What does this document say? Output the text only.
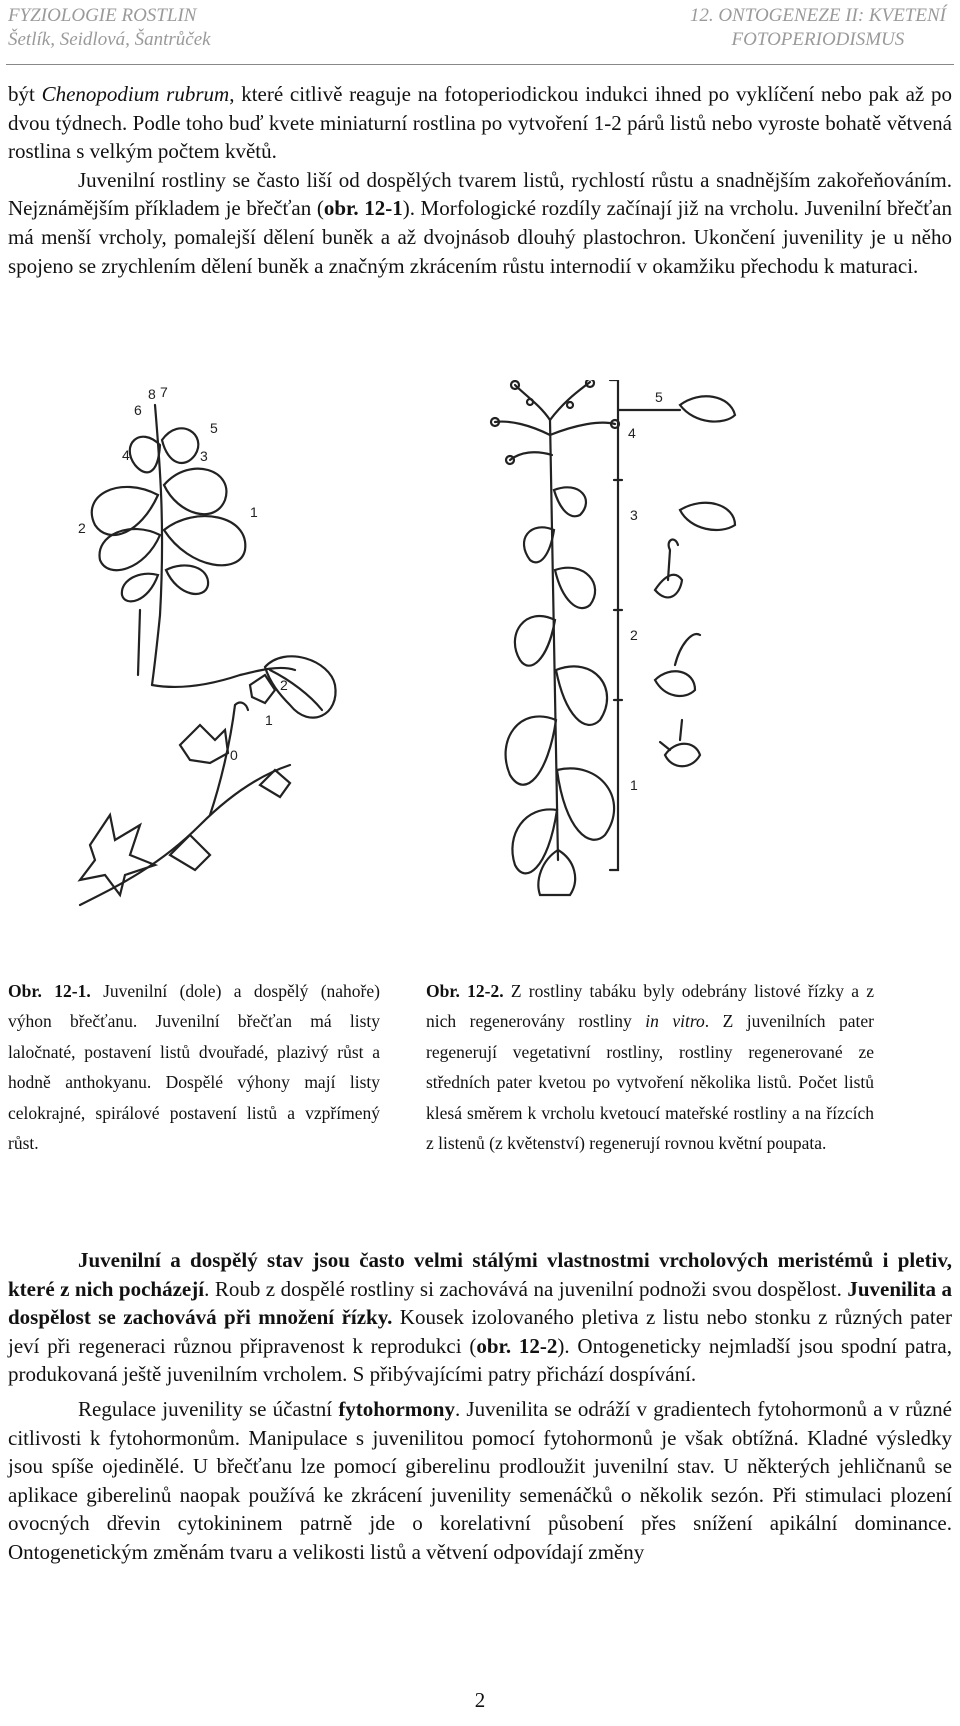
FYZIOLOGIE ROSTLIN
Šetlík, Seidlová, Šantrůček
12. ONTOGENEZE II: KVETENÍ
FOTOPERIODISMUS

být Chenopodium rubrum, které citlivě reaguje na fotoperiodickou indukci ihned po vyklíčení nebo pak až po dvou týdnech. Podle toho buď kvete miniaturní rostlina po vytvoření 1-2 párů listů nebo vyroste bohatě větvená rostlina s velkým počtem květů.
Juvenilní rostliny se často liší od dospělých tvarem listů, rychlostí růstu a snadnějším zakořeňováním. Nejznámějším příkladem je břečťan (obr. 12-1). Morfologické rozdíly začínají již na vrcholu. Juvenilní břečťan má menší vrcholy, pomalejší dělení buněk a až dvojnásob dlouhý plastochron. Ukončení juvenility je u něho spojeno se zrychlením dělení buněk a značným zkrácením růstu internodií v okamžiku přechodu k maturaci.

8 7
6
5
4	3
2
1
2
1
0
4
3
2
1
5

Obr. 12-1. Juvenilní (dole) a dospělý (nahoře) výhon břečťanu. Juvenilní břečťan má listy laločnaté, postavení listů dvouřadé, plazivý růst a hodně anthokyanu. Dospělé výhony mají listy celokrajné, spirálové postavení listů a vzpřímený růst.

Obr. 12-2. Z rostliny tabáku byly odebrány listové řízky a z nich regenerovány rostliny in vitro. Z juvenilních pater regenerují vegetativní rostliny, rostliny regenerované ze středních pater kvetou po vytvoření několika listů. Počet listů klesá směrem k vrcholu kvetoucí mateřské rostliny a na řízcích z listenů (z květenství) regenerují rovnou květní poupata.

Juvenilní a dospělý stav jsou často velmi stálými vlastnostmi vrcholových meristémů i pletiv, které z nich pocházejí. Roub z dospělé rostliny si zachovává na juvenilní podnoži svou dospělost. Juvenilita a dospělost se zachovává při množení řízky. Kousek izolovaného pletiva z listu nebo stonku z různých pater jeví při regeneraci různou připravenost k reprodukci (obr. 12-2). Ontogeneticky nejmladší jsou spodní patra, produkovaná ještě juvenilním vrcholem. S přibývajícími patry přichází dospívání.

Regulace juvenility se účastní fytohormony. Juvenilita se odráží v gradientech fytohormonů a v různé citlivosti k fytohormonům. Manipulace s juvenilitou pomocí fytohormonů je však obtížná. Kladné výsledky jsou spíše ojedinělé. U břečťanu lze pomocí giberelinu prodloužit juvenilní stav. U některých jehličnanů se aplikace giberelinů naopak používá ke zkrácení juvenility semenáčků o několik sezón. Při stimulaci plození ovocných dřevin cytokininem patrně jde o korelativní působení přes snížení apikální dominance. Ontogenetickým změnám tvaru a velikosti listů a větvení odpovídají změny

2
